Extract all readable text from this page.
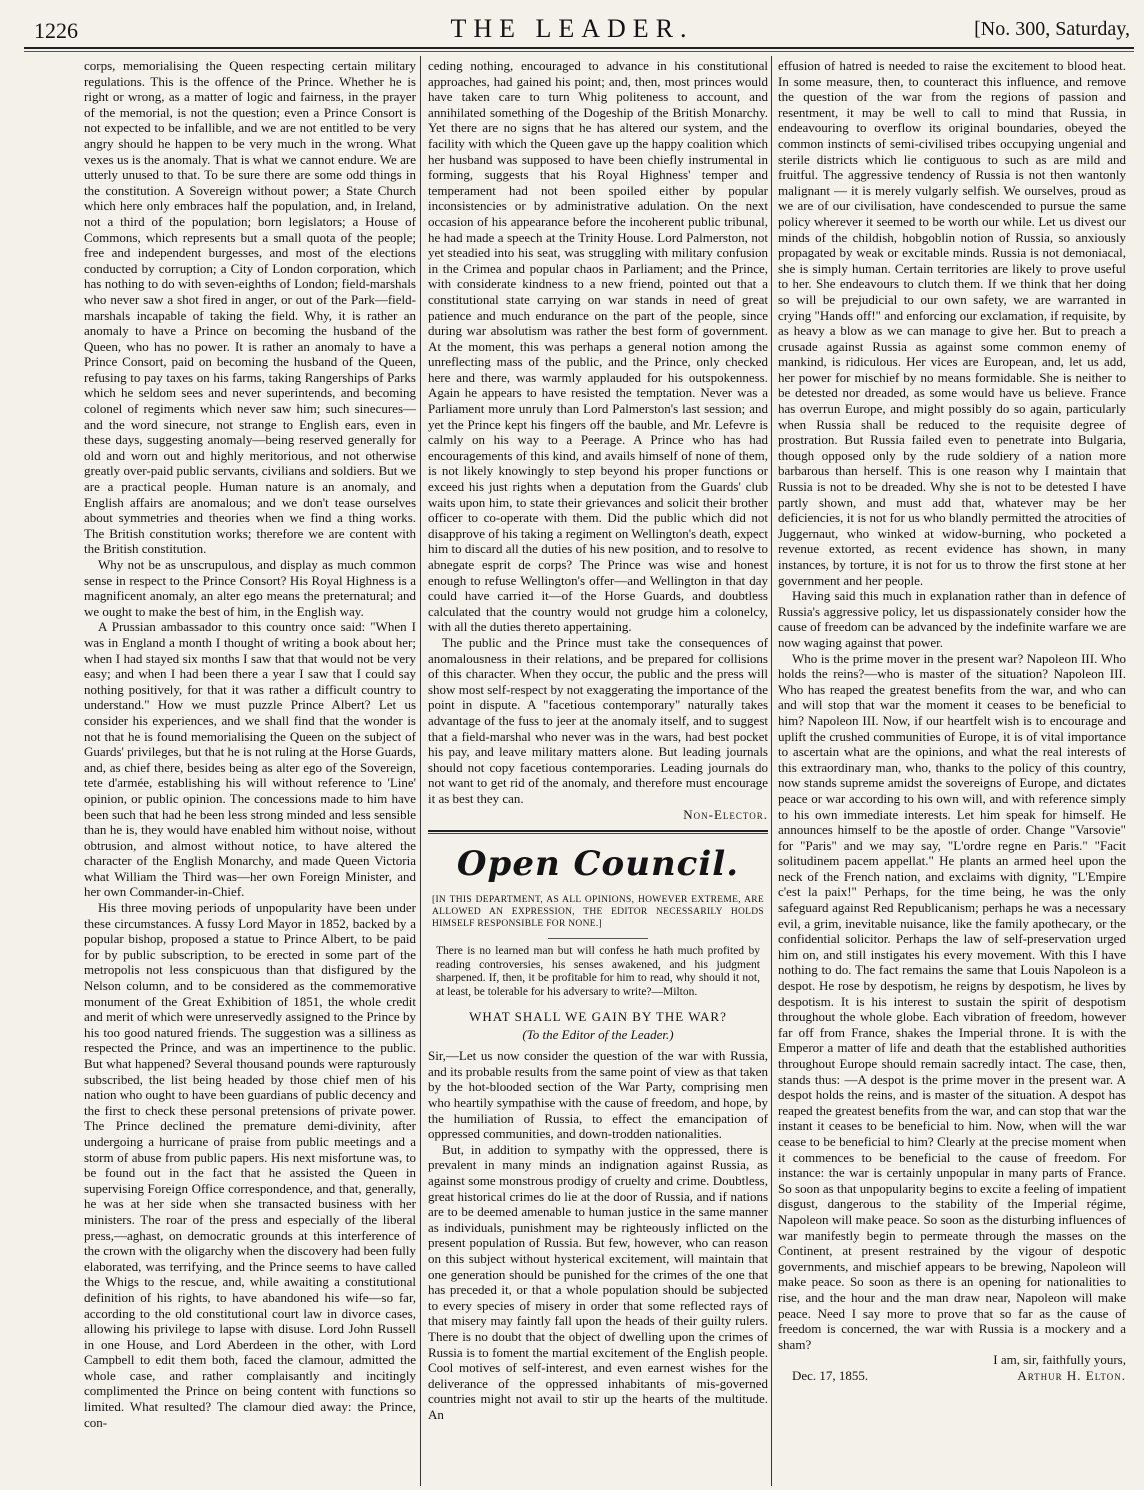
1226	THE LEADER.	[No. 300, Saturday,

corps, memorialising the Queen respecting certain military regulations. This is the offence of the Prince. Whether he is right or wrong, as a matter of logic and fairness, in the prayer of the memorial, is not the question; even a Prince Consort is not expected to be infallible, and we are not entitled to be very angry should he happen to be very much in the wrong. What vexes us is the anomaly. That is what we cannot endure. We are utterly unused to that. To be sure there are some odd things in the constitution. A Sovereign without power; a State Church which here only embraces half the population, and, in Ireland, not a third of the population; born legislators; a House of Commons, which represents but a small quota of the people; free and independent burgesses, and most of the elections conducted by corruption; a City of London corporation, which has nothing to do with seven-eighths of London; field-marshals who never saw a shot fired in anger, or out of the Park—field-marshals incapable of taking the field. Why, it is rather an anomaly to have a Prince on becoming the husband of the Queen, who has no power. It is rather an anomaly to have a Prince Consort, paid on becoming the husband of the Queen, refusing to pay taxes on his farms, taking Rangerships of Parks which he seldom sees and never superintends, and becoming colonel of regiments which never saw him; such sinecures—and the word sinecure, not strange to English ears, even in these days, suggesting anomaly—being reserved generally for old and worn out and highly meritorious, and not otherwise greatly over-paid public servants, civilians and soldiers. But we are a practical people. Human nature is an anomaly, and English affairs are anomalous; and we don't tease ourselves about symmetries and theories when we find a thing works. The British constitution works; therefore we are content with the British constitution.

Why not be as unscrupulous, and display as much common sense in respect to the Prince Consort? His Royal Highness is a magnificent anomaly, an alter ego means the preternatural; and we ought to make the best of him, in the English way.

A Prussian ambassador to this country once said: "When I was in England a month I thought of writing a book about her; when I had stayed six months I saw that that would not be very easy; and when I had been there a year I saw that I could say nothing positively, for that it was rather a difficult country to understand." How we must puzzle Prince Albert? Let us consider his experiences, and we shall find that the wonder is not that he is found memorialising the Queen on the subject of Guards' privileges, but that he is not ruling at the Horse Guards, and, as chief there, besides being as alter ego of the Sovereign, tete d'armée, establishing his will without reference to 'Line' opinion, or public opinion. The concessions made to him have been such that had he been less strong minded and less sensible than he is, they would have enabled him without noise, without obtrusion, and almost without notice, to have altered the character of the English Monarchy, and made Queen Victoria what William the Third was—her own Foreign Minister, and her own Commander-in-Chief.

His three moving periods of unpopularity have been under these circumstances. A fussy Lord Mayor in 1852, backed by a popular bishop, proposed a statue to Prince Albert, to be paid for by public subscription, to be erected in some part of the metropolis not less conspicuous than that disfigured by the Nelson column, and to be considered as the commemorative monument of the Great Exhibition of 1851, the whole credit and merit of which were unreservedly assigned to the Prince by his too good natured friends. The suggestion was a silliness as respected the Prince, and was an impertinence to the public. But what happened? Several thousand pounds were rapturously subscribed, the list being headed by those chief men of his nation who ought to have been guardians of public decency and the first to check these personal pretensions of private power. The Prince declined the premature demi-divinity, after undergoing a hurricane of praise from public meetings and a storm of abuse from public papers. His next misfortune was, to be found out in the fact that he assisted the Queen in supervising Foreign Office correspondence, and that, generally, he was at her side when she transacted business with her ministers. The roar of the press and especially of the liberal press,—aghast, on democratic grounds at this interference of the crown with the oligarchy when the discovery had been fully elaborated, was terrifying, and the Prince seems to have called the Whigs to the rescue, and, while awaiting a constitutional definition of his rights, to have abandoned his wife—so far, according to the old constitutional court law in divorce cases, allowing his privilege to lapse with disuse. Lord John Russell in one House, and Lord Aberdeen in the other, with Lord Campbell to edit them both, faced the clamour, admitted the whole case, and rather complaisantly and incitingly complimented the Prince on being content with functions so limited. What resulted? The clamour died away: the Prince, con-

ceding nothing, encouraged to advance in his constitutional approaches, had gained his point; and, then, most princes would have taken care to turn Whig politeness to account, and annihilated something of the Dogeship of the British Monarchy. Yet there are no signs that he has altered our system, and the facility with which the Queen gave up the happy coalition which her husband was supposed to have been chiefly instrumental in forming, suggests that his Royal Highness' temper and temperament had not been spoiled either by popular inconsistencies or by administrative adulation. On the next occasion of his appearance before the incoherent public tribunal, he had made a speech at the Trinity House. Lord Palmerston, not yet steadied into his seat, was struggling with military confusion in the Crimea and popular chaos in Parliament; and the Prince, with considerate kindness to a new friend, pointed out that a constitutional state carrying on war stands in need of great patience and much endurance on the part of the people, since during war absolutism was rather the best form of government. At the moment, this was perhaps a general notion among the unreflecting mass of the public, and the Prince, only checked here and there, was warmly applauded for his outspokenness. Again he appears to have resisted the temptation. Never was a Parliament more unruly than Lord Palmerston's last session; and yet the Prince kept his fingers off the bauble, and Mr. Lefevre is calmly on his way to a Peerage. A Prince who has had encouragements of this kind, and avails himself of none of them, is not likely knowingly to step beyond his proper functions or exceed his just rights when a deputation from the Guards' club waits upon him, to state their grievances and solicit their brother officer to co-operate with them. Did the public which did not disapprove of his taking a regiment on Wellington's death, expect him to discard all the duties of his new position, and to resolve to abnegate esprit de corps? The Prince was wise and honest enough to refuse Wellington's offer—and Wellington in that day could have carried it—of the Horse Guards, and doubtless calculated that the country would not grudge him a colonelcy, with all the duties thereto appertaining.

The public and the Prince must take the consequences of anomalousness in their relations, and be prepared for collisions of this character. When they occur, the public and the press will show most self-respect by not exaggerating the importance of the point in dispute. A "facetious contemporary" naturally takes advantage of the fuss to jeer at the anomaly itself, and to suggest that a field-marshal who never was in the wars, had best pocket his pay, and leave military matters alone. But leading journals should not copy facetious contemporaries. Leading journals do not want to get rid of the anomaly, and therefore must encourage it as best they can.

Non-Elector.

Open Council.
[IN THIS DEPARTMENT, AS ALL OPINIONS, HOWEVER EXTREME, ARE ALLOWED AN EXPRESSION, THE EDITOR NECESSARILY HOLDS HIMSELF RESPONSIBLE FOR NONE.]
There is no learned man but will confess he hath much profited by reading controversies, his senses awakened, and his judgment sharpened. If, then, it be profitable for him to read, why should it not, at least, be tolerable for his adversary to write?—Milton.
WHAT SHALL WE GAIN BY THE WAR?
(To the Editor of the Leader.)

Sir,—Let us now consider the question of the war with Russia, and its probable results from the same point of view as that taken by the hot-blooded section of the War Party, comprising men who heartily sympathise with the cause of freedom, and hope, by the humiliation of Russia, to effect the emancipation of oppressed communities, and down-trodden nationalities.

But, in addition to sympathy with the oppressed, there is prevalent in many minds an indignation against Russia, as against some monstrous prodigy of cruelty and crime. Doubtless, great historical crimes do lie at the door of Russia, and if nations are to be deemed amenable to human justice in the same manner as individuals, punishment may be righteously inflicted on the present population of Russia. But few, however, who can reason on this subject without hysterical excitement, will maintain that one generation should be punished for the crimes of the one that has preceded it, or that a whole population should be subjected to every species of misery in order that some reflected rays of that misery may faintly fall upon the heads of their guilty rulers. There is no doubt that the object of dwelling upon the crimes of Russia is to foment the martial excitement of the English people. Cool motives of self-interest, and even earnest wishes for the deliverance of the oppressed inhabitants of mis-governed countries might not avail to stir up the hearts of the multitude. An

effusion of hatred is needed to raise the excitement to blood heat. In some measure, then, to counteract this influence, and remove the question of the war from the regions of passion and resentment, it may be well to call to mind that Russia, in endeavouring to overflow its original boundaries, obeyed the common instincts of semi-civilised tribes occupying ungenial and sterile districts which lie contiguous to such as are mild and fruitful. The aggressive tendency of Russia is not then wantonly malignant — it is merely vulgarly selfish. We ourselves, proud as we are of our civilisation, have condescended to pursue the same policy wherever it seemed to be worth our while. Let us divest our minds of the childish, hobgoblin notion of Russia, so anxiously propagated by weak or excitable minds. Russia is not demoniacal, she is simply human. Certain territories are likely to prove useful to her. She endeavours to clutch them. If we think that her doing so will be prejudicial to our own safety, we are warranted in crying "Hands off!" and enforcing our exclamation, if requisite, by as heavy a blow as we can manage to give her. But to preach a crusade against Russia as against some common enemy of mankind, is ridiculous. Her vices are European, and, let us add, her power for mischief by no means formidable. She is neither to be detested nor dreaded, as some would have us believe. France has overrun Europe, and might possibly do so again, particularly when Russia shall be reduced to the requisite degree of prostration. But Russia failed even to penetrate into Bulgaria, though opposed only by the rude soldiery of a nation more barbarous than herself. This is one reason why I maintain that Russia is not to be dreaded. Why she is not to be detested I have partly shown, and must add that, whatever may be her deficiencies, it is not for us who blandly permitted the atrocities of Juggernaut, who winked at widow-burning, who pocketed a revenue extorted, as recent evidence has shown, in many instances, by torture, it is not for us to throw the first stone at her government and her people.

Having said this much in explanation rather than in defence of Russia's aggressive policy, let us dispassionately consider how the cause of freedom can be advanced by the indefinite warfare we are now waging against that power.

Who is the prime mover in the present war? Napoleon III. Who holds the reins?—who is master of the situation? Napoleon III. Who has reaped the greatest benefits from the war, and who can and will stop that war the moment it ceases to be beneficial to him? Napoleon III. Now, if our heartfelt wish is to encourage and uplift the crushed communities of Europe, it is of vital importance to ascertain what are the opinions, and what the real interests of this extraordinary man, who, thanks to the policy of this country, now stands supreme amidst the sovereigns of Europe, and dictates peace or war according to his own will, and with reference simply to his own immediate interests. Let him speak for himself. He announces himself to be the apostle of order. Change "Varsovie" for "Paris" and we may say, "L'ordre regne en Paris." "Facit solitudinem pacem appellat." He plants an armed heel upon the neck of the French nation, and exclaims with dignity, "L'Empire c'est la paix!" Perhaps, for the time being, he was the only safeguard against Red Republicanism; perhaps he was a necessary evil, a grim, inevitable nuisance, like the family apothecary, or the confidential solicitor. Perhaps the law of self-preservation urged him on, and still instigates his every movement. With this I have nothing to do. The fact remains the same that Louis Napoleon is a despot. He rose by despotism, he reigns by despotism, he lives by despotism. It is his interest to sustain the spirit of despotism throughout the whole globe. Each vibration of freedom, however far off from France, shakes the Imperial throne. It is with the Emperor a matter of life and death that the established authorities throughout Europe should remain sacredly intact. The case, then, stands thus: —A despot is the prime mover in the present war. A despot holds the reins, and is master of the situation. A despot has reaped the greatest benefits from the war, and can stop that war the instant it ceases to be beneficial to him. Now, when will the war cease to be beneficial to him? Clearly at the precise moment when it commences to be beneficial to the cause of freedom. For instance: the war is certainly unpopular in many parts of France. So soon as that unpopularity begins to excite a feeling of impatient disgust, dangerous to the stability of the Imperial régime, Napoleon will make peace. So soon as the disturbing influences of war manifestly begin to permeate through the masses on the Continent, at present restrained by the vigour of despotic governments, and mischief appears to be brewing, Napoleon will make peace. So soon as there is an opening for nationalities to rise, and the hour and the man draw near, Napoleon will make peace. Need I say more to prove that so far as the cause of freedom is concerned, the war with Russia is a mockery and a sham?

I am, sir, faithfully yours,

Dec. 17, 1855.	Arthur H. Elton.
